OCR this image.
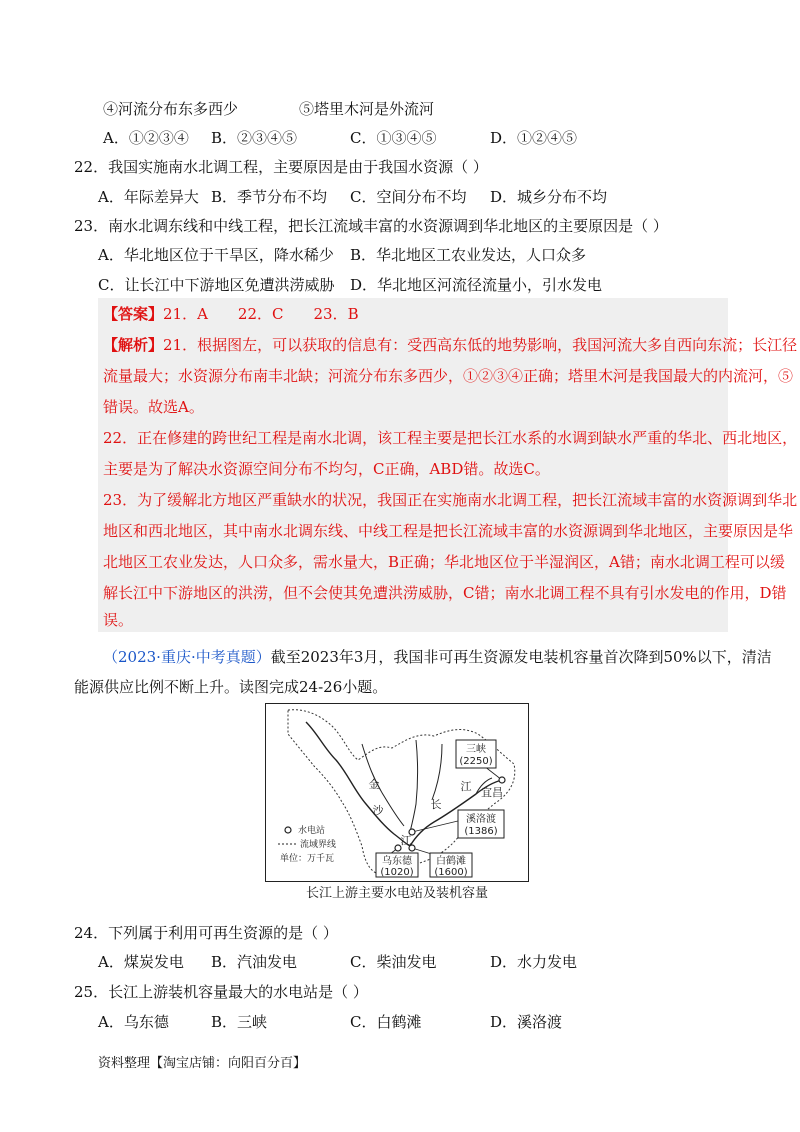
④河流分布东多西少	⑤塔里木河是外流河
A．①②③④ B．②③④⑤	C．①③④⑤	D．①②④⑤
22．我国实施南水北调工程，主要原因是由于我国水资源（ ）
A．年际差异大 B．季节分布不均 C．空间分布不均 D．城乡分布不均
23．南水北调东线和中线工程，把长江流域丰富的水资源调到华北地区的主要原因是（ ）
A．华北地区位于干旱区，降水稀少 B．华北地区工农业发达，人口众多
C．让长江中下游地区免遭洪涝威胁 D．华北地区河流径流量小，引水发电
【答案】21．A　　22．C　　23．B
【解析】21．根据图左，可以获取的信息有：受西高东低的地势影响，我国河流大多自西向东流；长江径
流量最大；水资源分布南丰北缺；河流分布东多西少，①②③④正确；塔里木河是我国最大的内流河，⑤
错误。故选A。
22．正在修建的跨世纪工程是南水北调，该工程主要是把长江水系的水调到缺水严重的华北、西北地区，
主要是为了解决水资源空间分布不均匀，C正确，ABD错。故选C。
23．为了缓解北方地区严重缺水的状况，我国正在实施南水北调工程，把长江流域丰富的水资源调到华北
地区和西北地区，其中南水北调东线、中线工程是把长江流域丰富的水资源调到华北地区，主要原因是华
北地区工农业发达，人口众多，需水量大，B正确；华北地区位于半湿润区，A错；南水北调工程可以缓
解长江中下游地区的洪涝，但不会使其免遭洪涝威胁，C错；南水北调工程不具有引水发电的作用，D错
误。
（2023·重庆·中考真题）截至2023年3月，我国非可再生资源发电装机容量首次降到50%以下，清洁
能源供应比例不断上升。读图完成24-26小题。
三峡
(2250)
溪洛渡
(1386)
乌东德
(1020)
白鹤滩
(1600)
金
沙
江
长
江 宜昌
水电站
流域界线
单位：万千瓦
长江上游主要水电站及装机容量
24．下列属于利用可再生资源的是（ ）
A．煤炭发电 B．汽油发电	C．柴油发电	D．水力发电
25．长江上游装机容量最大的水电站是（ ）
A．乌东德	B．三峡	C．白鹤滩	D．溪洛渡
资料整理【淘宝店铺：向阳百分百】
